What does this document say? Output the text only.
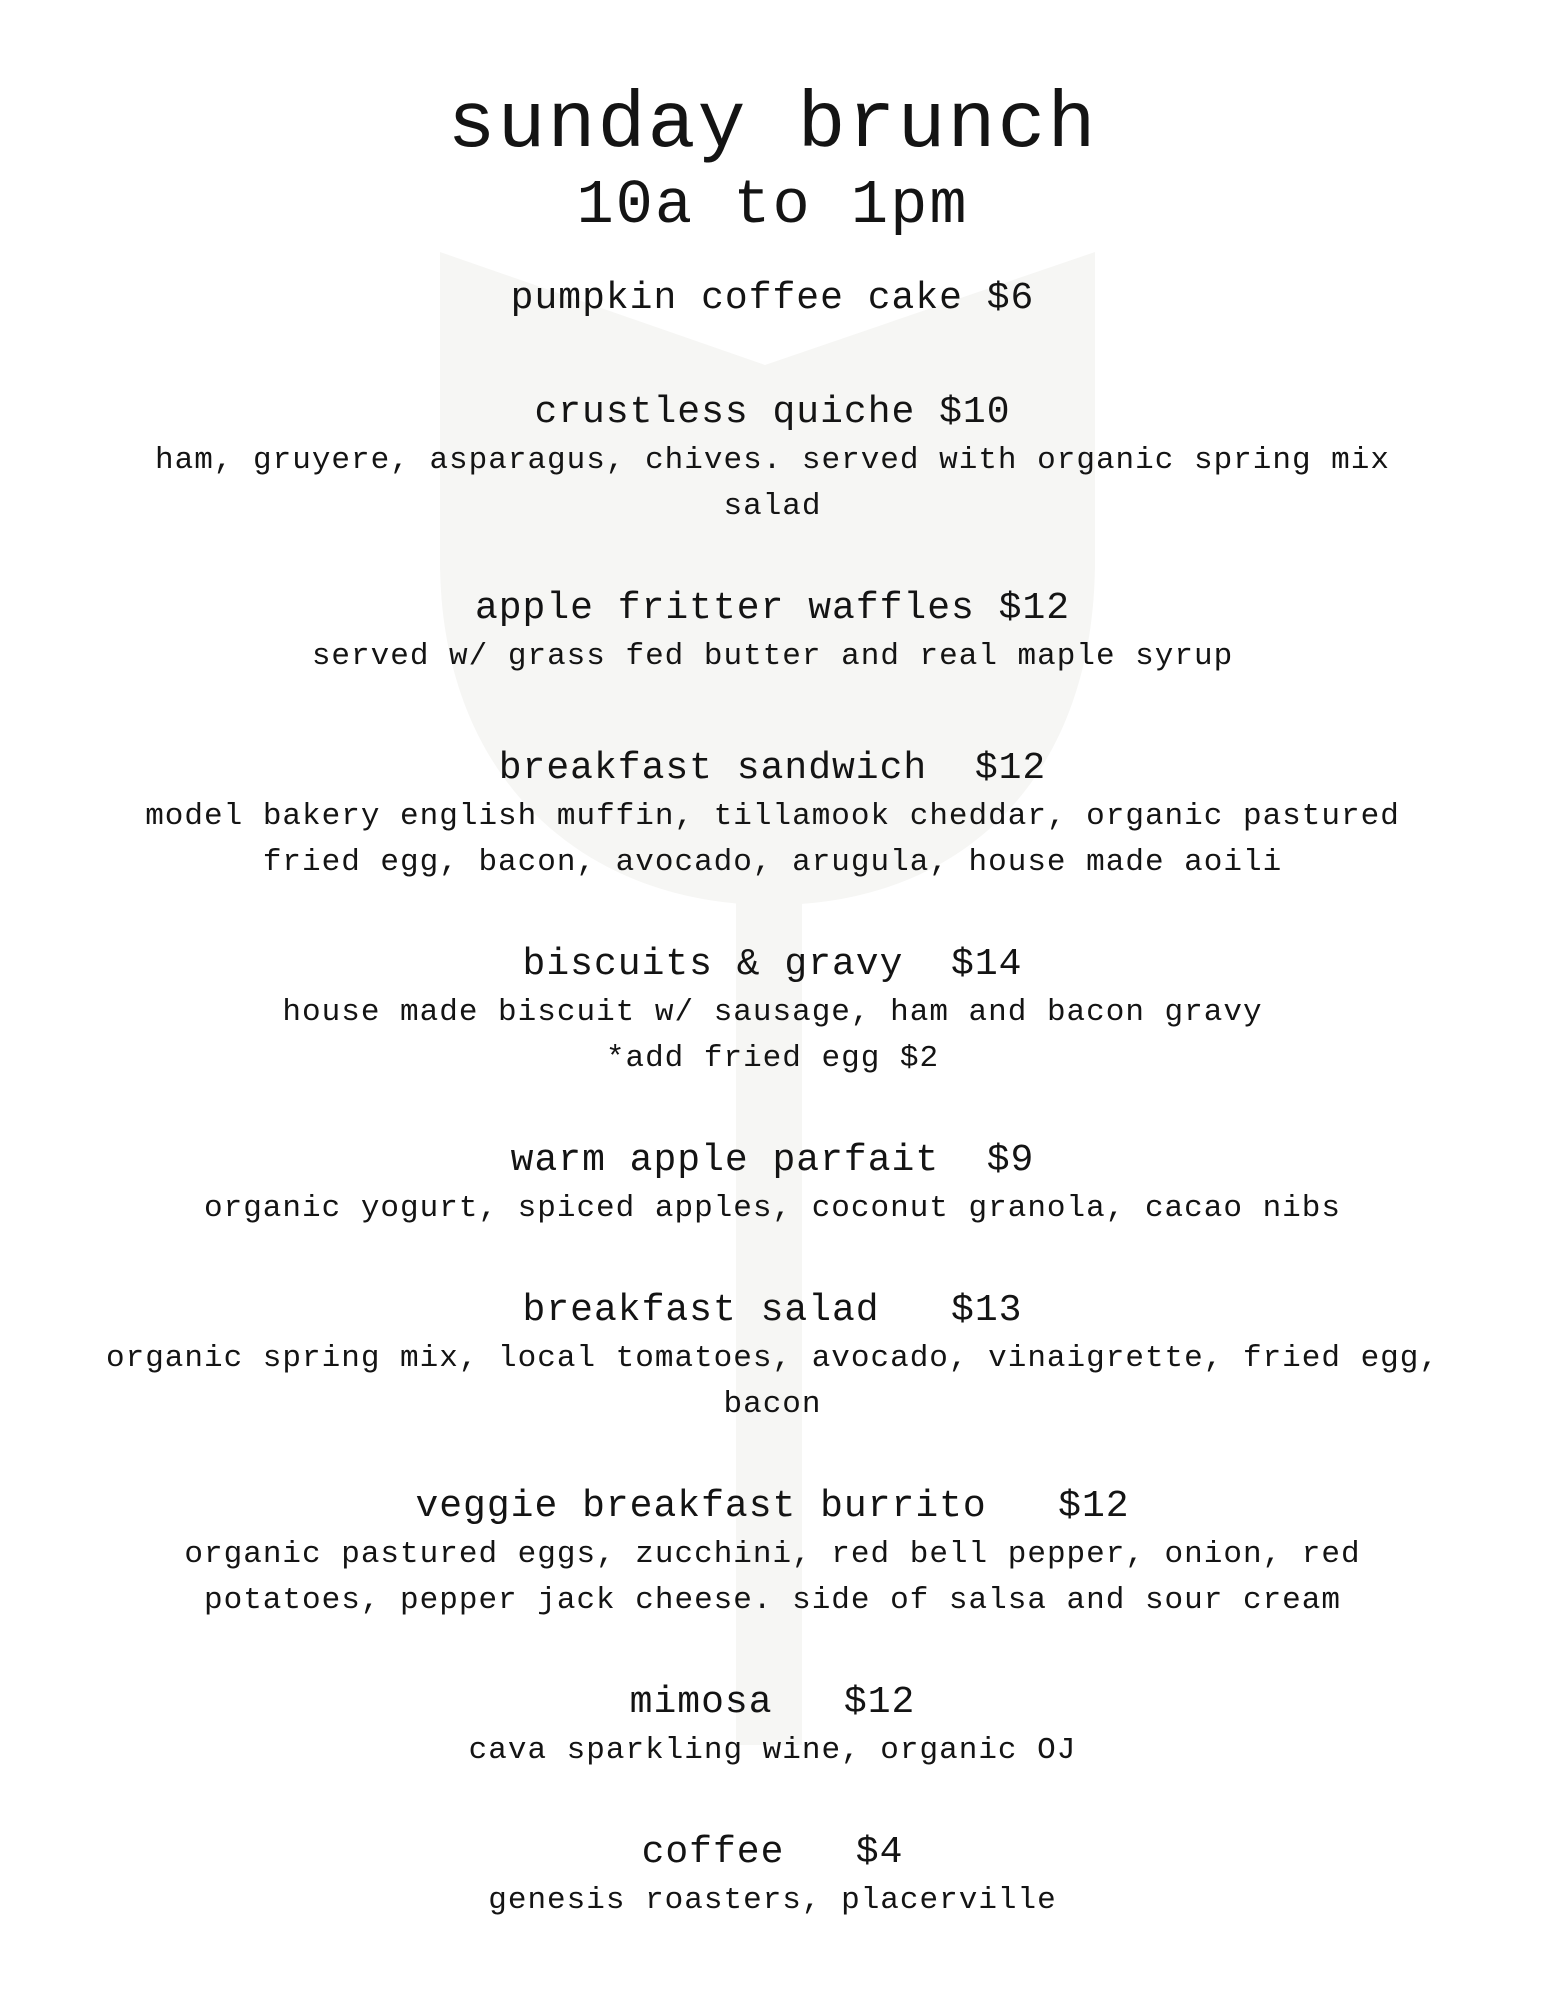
sunday brunch
10a to 1pm
pumpkin coffee cake $6
crustless quiche $10
ham, gruyere, asparagus, chives. served with organic spring mix salad
apple fritter waffles $12
served w/ grass fed butter and real maple syrup
breakfast sandwich  $12
model bakery english muffin, tillamook cheddar, organic pastured fried egg, bacon, avocado, arugula, house made aoili
biscuits & gravy  $14
house made biscuit w/ sausage, ham and bacon gravy
*add fried egg $2
warm apple parfait  $9
organic yogurt, spiced apples, coconut granola, cacao nibs
breakfast salad   $13
organic spring mix, local tomatoes, avocado, vinaigrette, fried egg, bacon
veggie breakfast burrito   $12
organic pastured eggs, zucchini, red bell pepper, onion, red potatoes, pepper jack cheese. side of salsa and sour cream
mimosa   $12
cava sparkling wine, organic OJ
coffee   $4
genesis roasters, placerville
